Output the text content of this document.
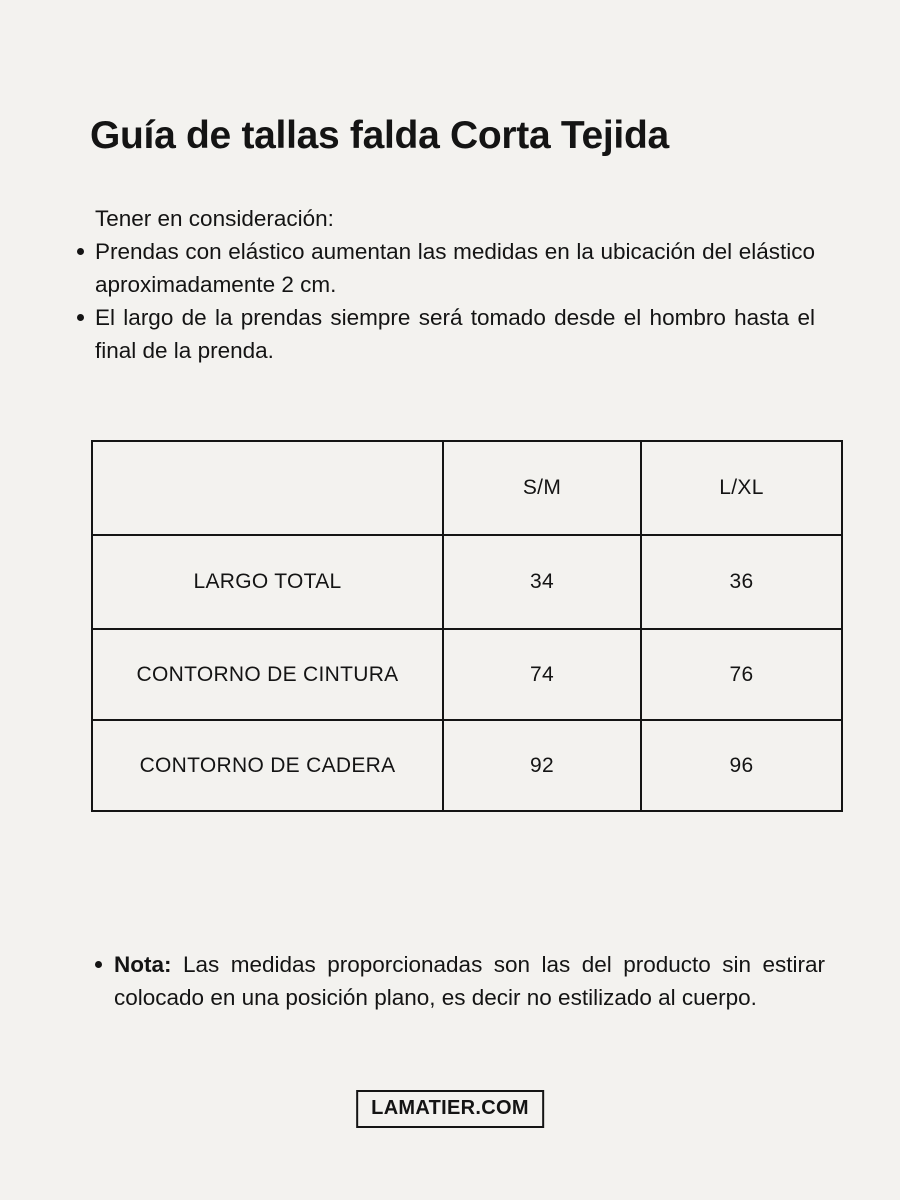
Guía de tallas falda Corta Tejida

Tener en consideración:

Prendas con elástico aumentan las medidas en la ubicación del elástico aproximadamente 2 cm.

El largo de la prendas siempre será tomado desde el hombro hasta el final de la prenda.

	S/M	L/XL
LARGO TOTAL	34	36
CONTORNO DE CINTURA	74	76
CONTORNO DE CADERA	92	96

Nota: Las medidas proporcionadas son las del producto sin estirar colocado en una posición plano, es decir no estilizado al cuerpo.

LAMATIER.COM
